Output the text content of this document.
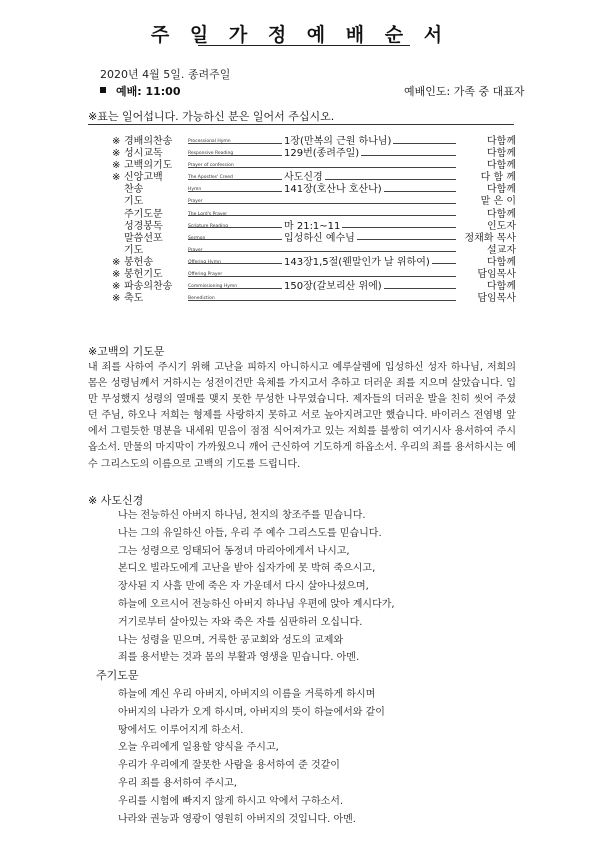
주 일 가 정 예 배 순 서
2020년 4월 5일. 종려주일
예배: 11:00	예배인도: 가족 중 대표자
※표는 일어섭니다. 가능하신 분은 일어서 주십시오.
※ 경배의찬송	Processional Hymn	1장(만복의 근원 하나님)	다함께
※ 성시교독	Responsive Reading	129번(종려주일)	다함께
※ 고백의기도	Prayer of confession	다함께
※ 신앙고백	The Apostles' Creed	사도신경	다 함 께
찬송	Hymn	141장(호산나 호산나)	다함께
기도	Prayer	맡 은 이
주기도문	The Lord's Prayer	다함께
성경봉독	Scripture Reading	마 21:1~11	인도자
말씀선포	Sermon	입성하신 예수님	정채화 목사
기도	Prayer	설교자
※ 봉헌송	Offering Hymn	143장1,5절(웬말인가 날 위하여)	다함께
※ 봉헌기도	Offering Prayer	담임목사
※ 파송의찬송	Commissioning Hymn	150장(갈보리산 위에)	다함께
※ 축도	Benediction	담임목사
※고백의 기도문

내 죄를 사하여 주시기 위해 고난을 피하지 아니하시고 예루살렘에 입성하신 성자 하나님, 저희의 몸은 성령님께서 거하시는 성전이건만 육체를 가지고서 추하고 더러운 죄를 지으며 살았습니다. 입만 무성했지 성령의 열매를 맺지 못한 무성한 나무였습니다. 제자들의 더러운 발을 친히 씻어 주셨던 주님, 하오나 저희는 형제를 사랑하지 못하고 서로 높아지려고만 했습니다. 바이러스 전염병 앞에서 그럴듯한 명분을 내세워 믿음이 점점 식어져가고 있는 저희를 불쌍히 여기시사 용서하여 주시옵소서. 만물의 마지막이 가까웠으니 깨어 근신하여 기도하게 하옵소서. 우리의 죄를 용서하시는 예수 그리스도의 이름으로 고백의 기도를 드립니다.

※ 사도신경
나는 전능하신 아버지 하나님, 천지의 창조주를 믿습니다.
나는 그의 유일하신 아들, 우리 주 예수 그리스도를 믿습니다.
그는 성령으로 잉태되어 동정녀 마리아에게서 나시고,
본디오 빌라도에게 고난을 받아 십자가에 못 박혀 죽으시고,
장사된 지 사흘 만에 죽은 자 가운데서 다시 살아나셨으며,
하늘에 오르시어 전능하신 아버지 하나님 우편에 앉아 계시다가,
거기로부터 살아있는 자와 죽은 자를 심판하러 오십니다.
나는 성령을 믿으며, 거룩한 공교회와 성도의 교제와
죄를 용서받는 것과 몸의 부활과 영생을 믿습니다. 아멘.
주기도문
하늘에 계신 우리 아버지, 아버지의 이름을 거룩하게 하시며
아버지의 나라가 오게 하시며, 아버지의 뜻이 하늘에서와 같이
땅에서도 이루어지게 하소서.
오늘 우리에게 일용할 양식을 주시고,
우리가 우리에게 잘못한 사람을 용서하여 준 것같이
우리 죄를 용서하여 주시고,
우리를 시험에 빠지지 않게 하시고 악에서 구하소서.
나라와 권능과 영광이 영원히 아버지의 것입니다. 아멘.
